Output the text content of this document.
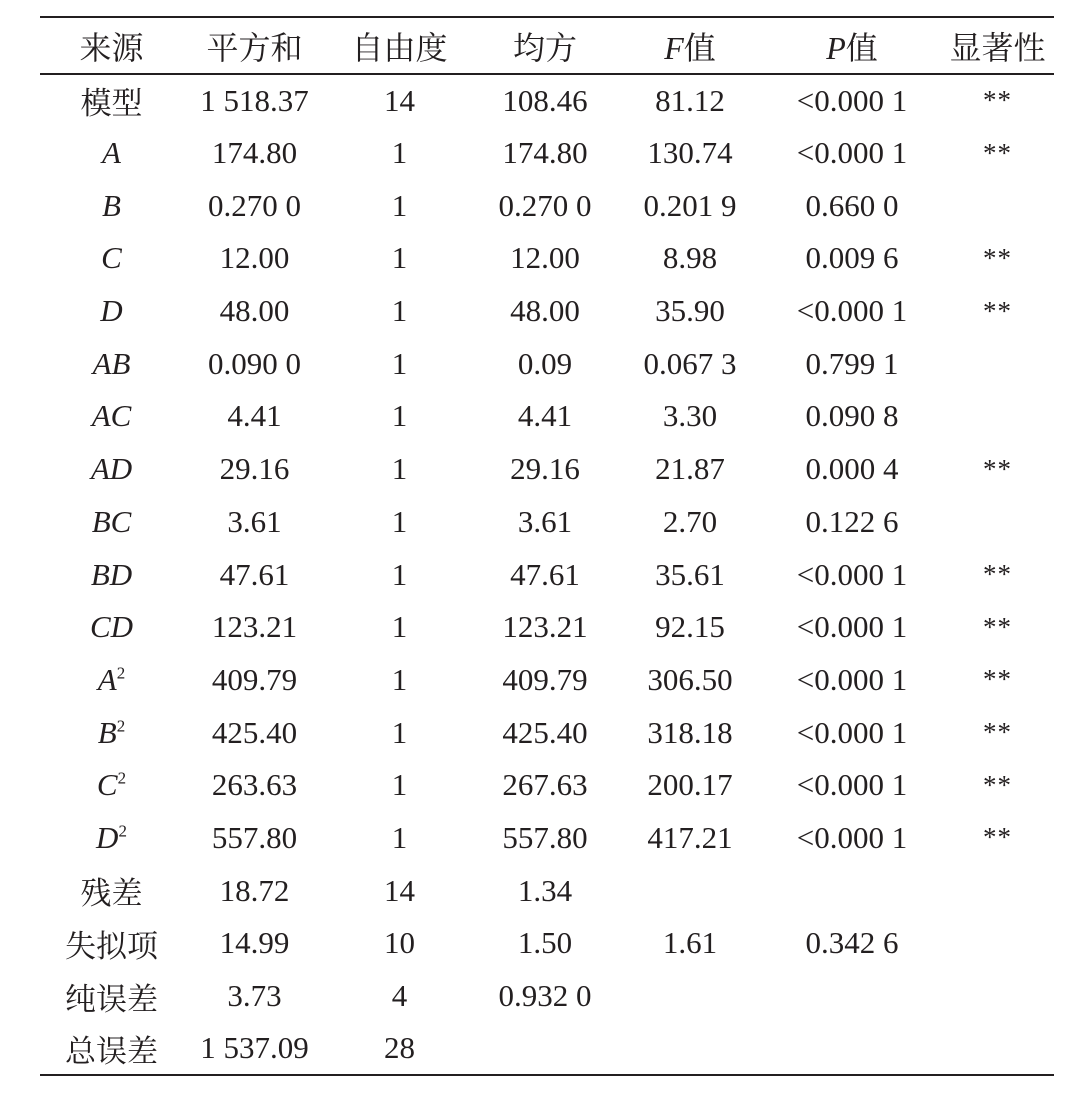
来源	平方和	自由度	均方	F值	P值	显著性
模型	1 518.37	14	108.46	81.12	<0.000 1	**
A	174.80	1	174.80	130.74	<0.000 1	**
B	0.270 0	1	0.270 0	0.201 9	0.660 0	
C	12.00	1	12.00	8.98	0.009 6	**
D	48.00	1	48.00	35.90	<0.000 1	**
AB	0.090 0	1	0.09	0.067 3	0.799 1	
AC	4.41	1	4.41	3.30	0.090 8	
AD	29.16	1	29.16	21.87	0.000 4	**
BC	3.61	1	3.61	2.70	0.122 6	
BD	47.61	1	47.61	35.61	<0.000 1	**
CD	123.21	1	123.21	92.15	<0.000 1	**
$A^2$	409.79	1	409.79	306.50	<0.000 1	**
$B^2$	425.40	1	425.40	318.18	<0.000 1	**
$C^2$	263.63	1	267.63	200.17	<0.000 1	**
$D^2$	557.80	1	557.80	417.21	<0.000 1	**
残差	18.72	14	1.34			
失拟项	14.99	10	1.50	1.61	0.342 6	
纯误差	3.73	4	0.932 0			
总误差	1 537.09	28				
